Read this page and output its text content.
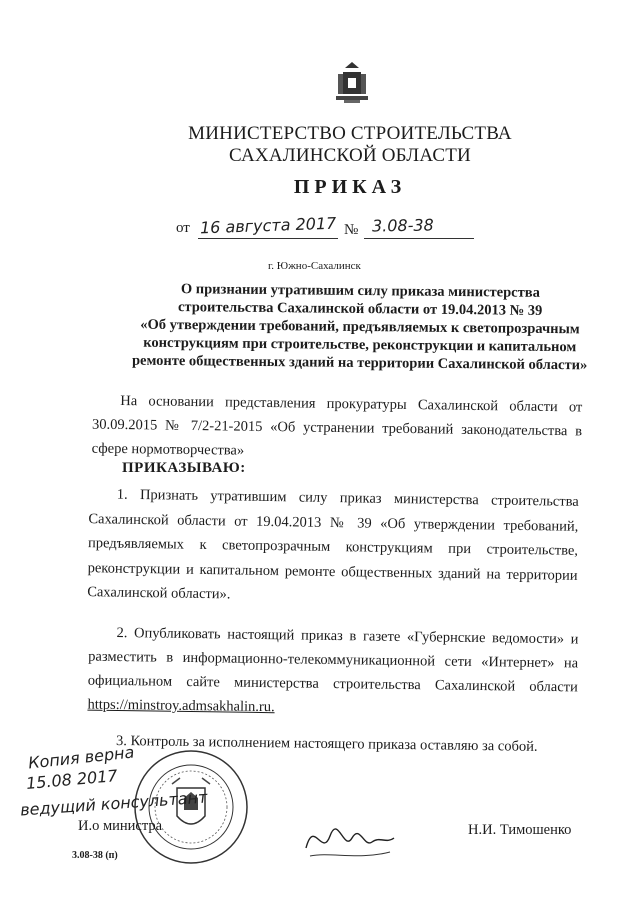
МИНИСТЕРСТВО СТРОИТЕЛЬСТВА
САХАЛИНСКОЙ ОБЛАСТИ
ПРИКАЗ
от 16 августа 2017 № 3.08-38
г. Южно-Сахалинск
О признании утратившим силу приказа министерства
строительства Сахалинской области от 19.04.2013 № 39
«Об утверждении требований, предъявляемых к светопрозрачным
конструкциям при строительстве, реконструкции и капитальном
ремонте общественных зданий на территории Сахалинской области»
На основании представления прокуратуры Сахалинской области от 30.09.2015 № 7/2-21-2015 «Об устранении требований законодательства в сфере нормотворчества»
ПРИКАЗЫВАЮ:
1. Признать утратившим силу приказ министерства строительства Сахалинской области от 19.04.2013 № 39 «Об утверждении требований, предъявляемых к светопрозрачным конструкциям при строительстве, реконструкции и капитальном ремонте общественных зданий на территории Сахалинской области».
2. Опубликовать настоящий приказ в газете «Губернские ведомости» и разместить в информационно-телекоммуникационной сети «Интернет» на официальном сайте министерства строительства Сахалинской области https://minstroy.admsakhalin.ru.
3. Контроль за исполнением настоящего приказа оставляю за собой.
Копия верна
15.08 2017
ведущий консультант
И.о министра	Н.И. Тимошенко
3.08-38 (п)
